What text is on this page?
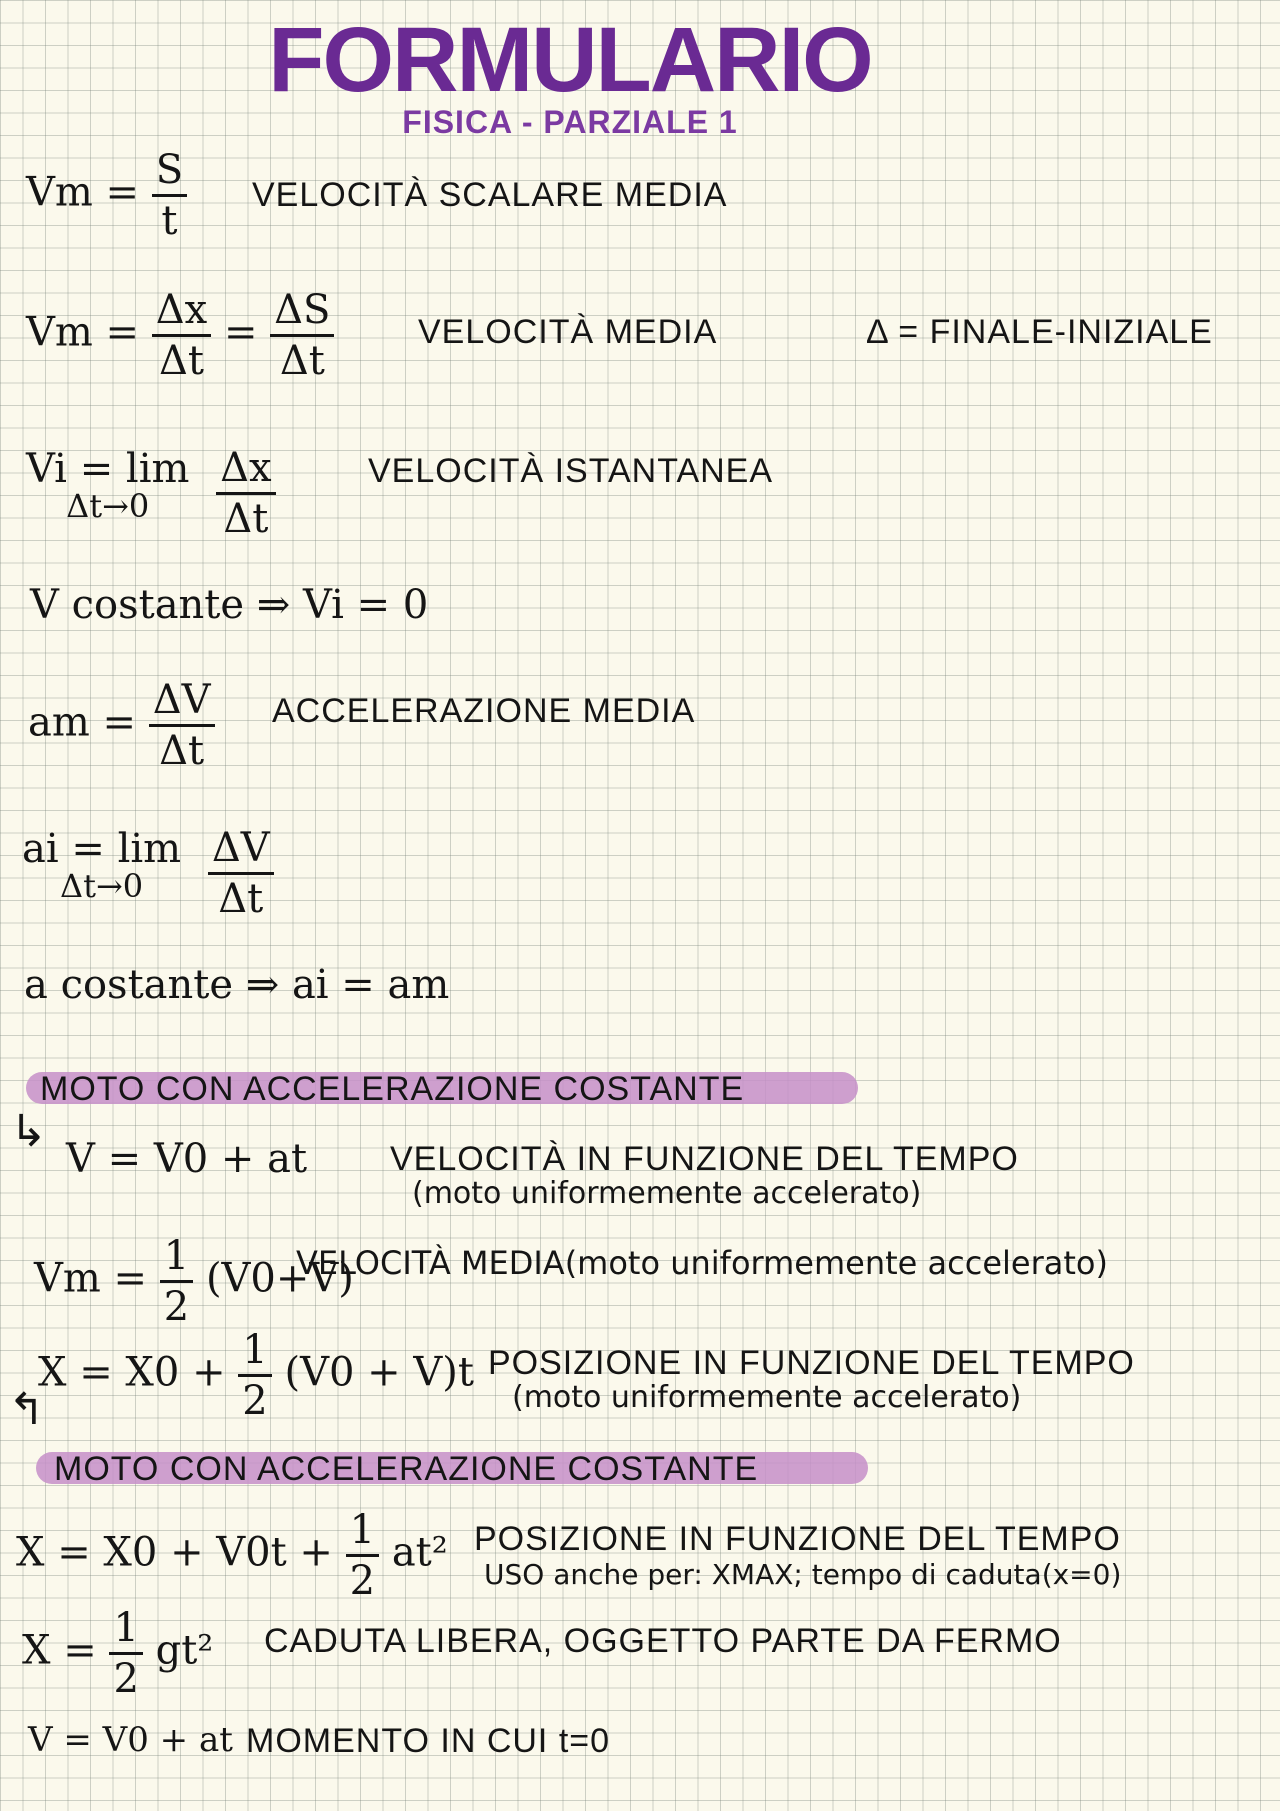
FORMULARIO
FISICA - PARZIALE 1
$Vm = \frac{S}{t}$ VELOCITÀ SCALARE MEDIA
$Vm = \frac{\Delta x}{\Delta t} = \frac{\Delta S}{\Delta t}$ VELOCITÀ MEDIA	Δ = FINALE-INIZIALE
Vi = lim
Δt→0
$\frac{\Delta x}{\Delta t}$	VELOCITÀ ISTANTANEA
V costante ⇒ Vi = 0
am = $\frac{\Delta V}{\Delta t}$ ACCELERAZIONE MEDIA
ai = lim
Δt→0
$\frac{\Delta V}{\Delta t}$
a costante ⇒ ai = am
MOTO CON ACCELERAZIONE COSTANTE
↳
V = V0 + at VELOCITÀ IN FUNZIONE DEL TEMPO
(moto uniformemente accelerato)
$Vm = \frac{1}{2} (V0+V)$
VELOCITÀ MEDIA(moto uniformemente accelerato)
$X = X0 + \frac{1}{2} (V0 + V)t$ POSIZIONE IN FUNZIONE DEL TEMPO
(moto uniformemente accelerato)
↰
MOTO CON ACCELERAZIONE COSTANTE
$X = X0 + V0t + \frac{1}{2} at^2$ POSIZIONE IN FUNZIONE DEL TEMPO
USO anche per: XMAX; tempo di caduta(x=0)
$X = \frac{1}{2} gt^2$ CADUTA LIBERA, OGGETTO PARTE DA FERMO
V = V0 + at MOMENTO IN CUI t=0
